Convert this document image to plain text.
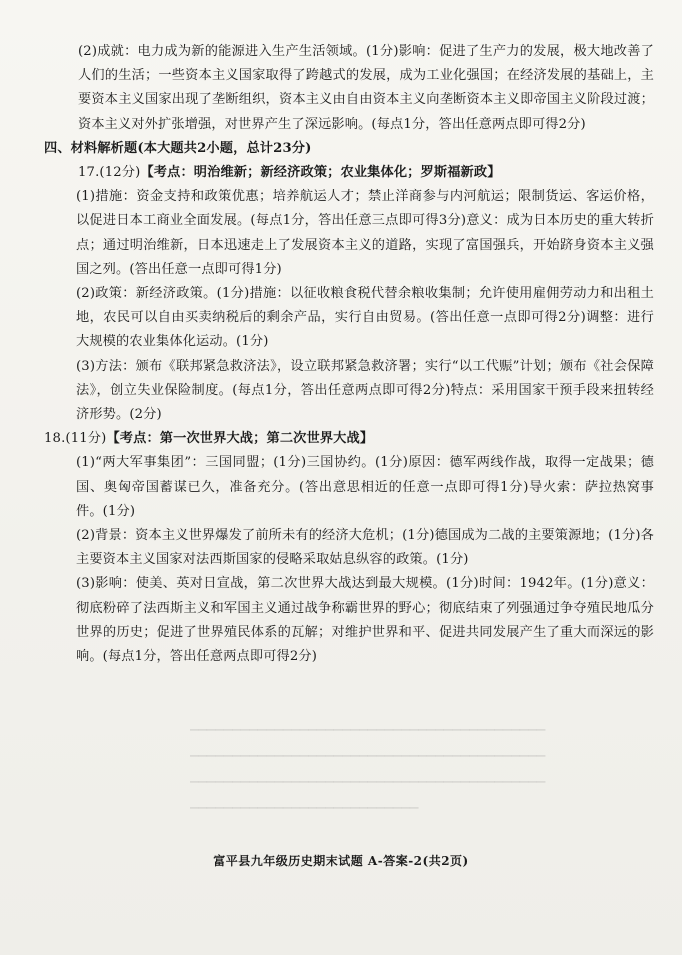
▁▁▁▁▁▁▁▁▁▁▁▁▁▁▁▁▁▁▁▁▁▁▁▁▁▁▁▁▁▁▁▁▁▁▁▁▁▁▁▁▁▁
▁▁▁▁▁▁▁▁▁▁▁▁▁▁▁▁▁▁▁▁▁▁▁▁▁▁▁▁▁▁▁▁▁▁▁▁▁▁▁▁▁▁
▁▁▁▁▁▁▁▁▁▁▁▁▁▁▁▁▁▁▁▁▁▁▁▁▁▁▁▁▁▁▁▁▁▁▁▁▁▁▁▁▁▁
▁▁▁▁▁▁▁▁▁▁▁▁▁▁▁▁▁▁▁▁▁▁▁▁▁▁▁

(2)成就：电力成为新的能源进入生产生活领域。(1分)影响：促进了生产力的发展，极大地改善了人们的生活；一些资本主义国家取得了跨越式的发展，成为工业化强国；在经济发展的基础上，主要资本主义国家出现了垄断组织，资本主义由自由资本主义向垄断资本主义即帝国主义阶段过渡；资本主义对外扩张增强，对世界产生了深远影响。(每点1分，答出任意两点即可得2分)

四、材料解析题(本大题共2小题，总计23分)

17.(12分)【考点：明治维新；新经济政策；农业集体化；罗斯福新政】

(1)措施：资金支持和政策优惠；培养航运人才；禁止洋商参与内河航运；限制货运、客运价格，以促进日本工商业全面发展。(每点1分，答出任意三点即可得3分)意义：成为日本历史的重大转折点；通过明治维新，日本迅速走上了发展资本主义的道路，实现了富国强兵，开始跻身资本主义强国之列。(答出任意一点即可得1分)

(2)政策：新经济政策。(1分)措施：以征收粮食税代替余粮收集制；允许使用雇佣劳动力和出租土地，农民可以自由买卖纳税后的剩余产品，实行自由贸易。(答出任意一点即可得2分)调整：进行大规模的农业集体化运动。(1分)

(3)方法：颁布《联邦紧急救济法》，设立联邦紧急救济署；实行“以工代赈”计划；颁布《社会保障法》，创立失业保险制度。(每点1分，答出任意两点即可得2分)特点：采用国家干预手段来扭转经济形势。(2分)

18.(11分)【考点：第一次世界大战；第二次世界大战】

(1)“两大军事集团”：三国同盟；(1分)三国协约。(1分)原因：德军两线作战，取得一定战果；德国、奥匈帝国蓄谋已久，准备充分。(答出意思相近的任意一点即可得1分)导火索：萨拉热窝事件。(1分)

(2)背景：资本主义世界爆发了前所未有的经济大危机；(1分)德国成为二战的主要策源地；(1分)各主要资本主义国家对法西斯国家的侵略采取姑息纵容的政策。(1分)

(3)影响：使美、英对日宣战，第二次世界大战达到最大规模。(1分)时间：1942年。(1分)意义：彻底粉碎了法西斯主义和军国主义通过战争称霸世界的野心；彻底结束了列强通过争夺殖民地瓜分世界的历史；促进了世界殖民体系的瓦解；对维护世界和平、促进共同发展产生了重大而深远的影响。(每点1分，答出任意两点即可得2分)

富平县九年级历史期末试题 A-答案-2(共2页)
